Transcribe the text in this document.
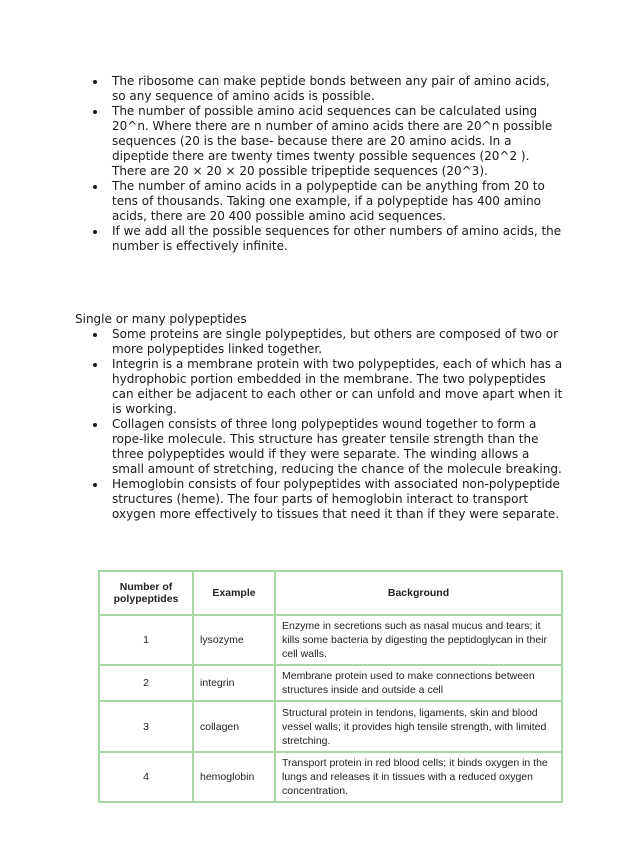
The ribosome can make peptide bonds between any pair of amino acids, so any sequence of amino acids is possible.
The number of possible amino acid sequences can be calculated using 20^n. Where there are n number of amino acids there are 20^n possible sequences (20 is the base- because there are 20 amino acids. In a dipeptide there are twenty times twenty possible sequences (20^2 ). There are 20 × 20 × 20 possible tripeptide sequences (20^3).
The number of amino acids in a polypeptide can be anything from 20 to tens of thousands. Taking one example, if a polypeptide has 400 amino acids, there are 20 400 possible amino acid sequences.
If we add all the possible sequences for other numbers of amino acids, the number is effectively infinite.
Single or many polypeptides
Some proteins are single polypeptides, but others are composed of two or more polypeptides linked together.
Integrin is a membrane protein with two polypeptides, each of which has a hydrophobic portion embedded in the membrane. The two polypeptides can either be adjacent to each other or can unfold and move apart when it is working.
Collagen consists of three long polypeptides wound together to form a rope-like molecule. This structure has greater tensile strength than the three polypeptides would if they were separate. The winding allows a small amount of stretching, reducing the chance of the molecule breaking.
Hemoglobin consists of four polypeptides with associated non-polypeptide structures (heme). The four parts of hemoglobin interact to transport oxygen more effectively to tissues that need it than if they were separate.
Number of polypeptides	Example	Background
1	lysozyme	Enzyme in secretions such as nasal mucus and tears; it kills some bacteria by digesting the peptidoglycan in their cell walls.
2	integrin	Membrane protein used to make connections between structures inside and outside a cell
3	collagen	Structural protein in tendons, ligaments, skin and blood vessel walls; it provides high tensile strength, with limited stretching.
4	hemoglobin	Transport protein in red blood cells; it binds oxygen in the lungs and releases it in tissues with a reduced oxygen concentration.
